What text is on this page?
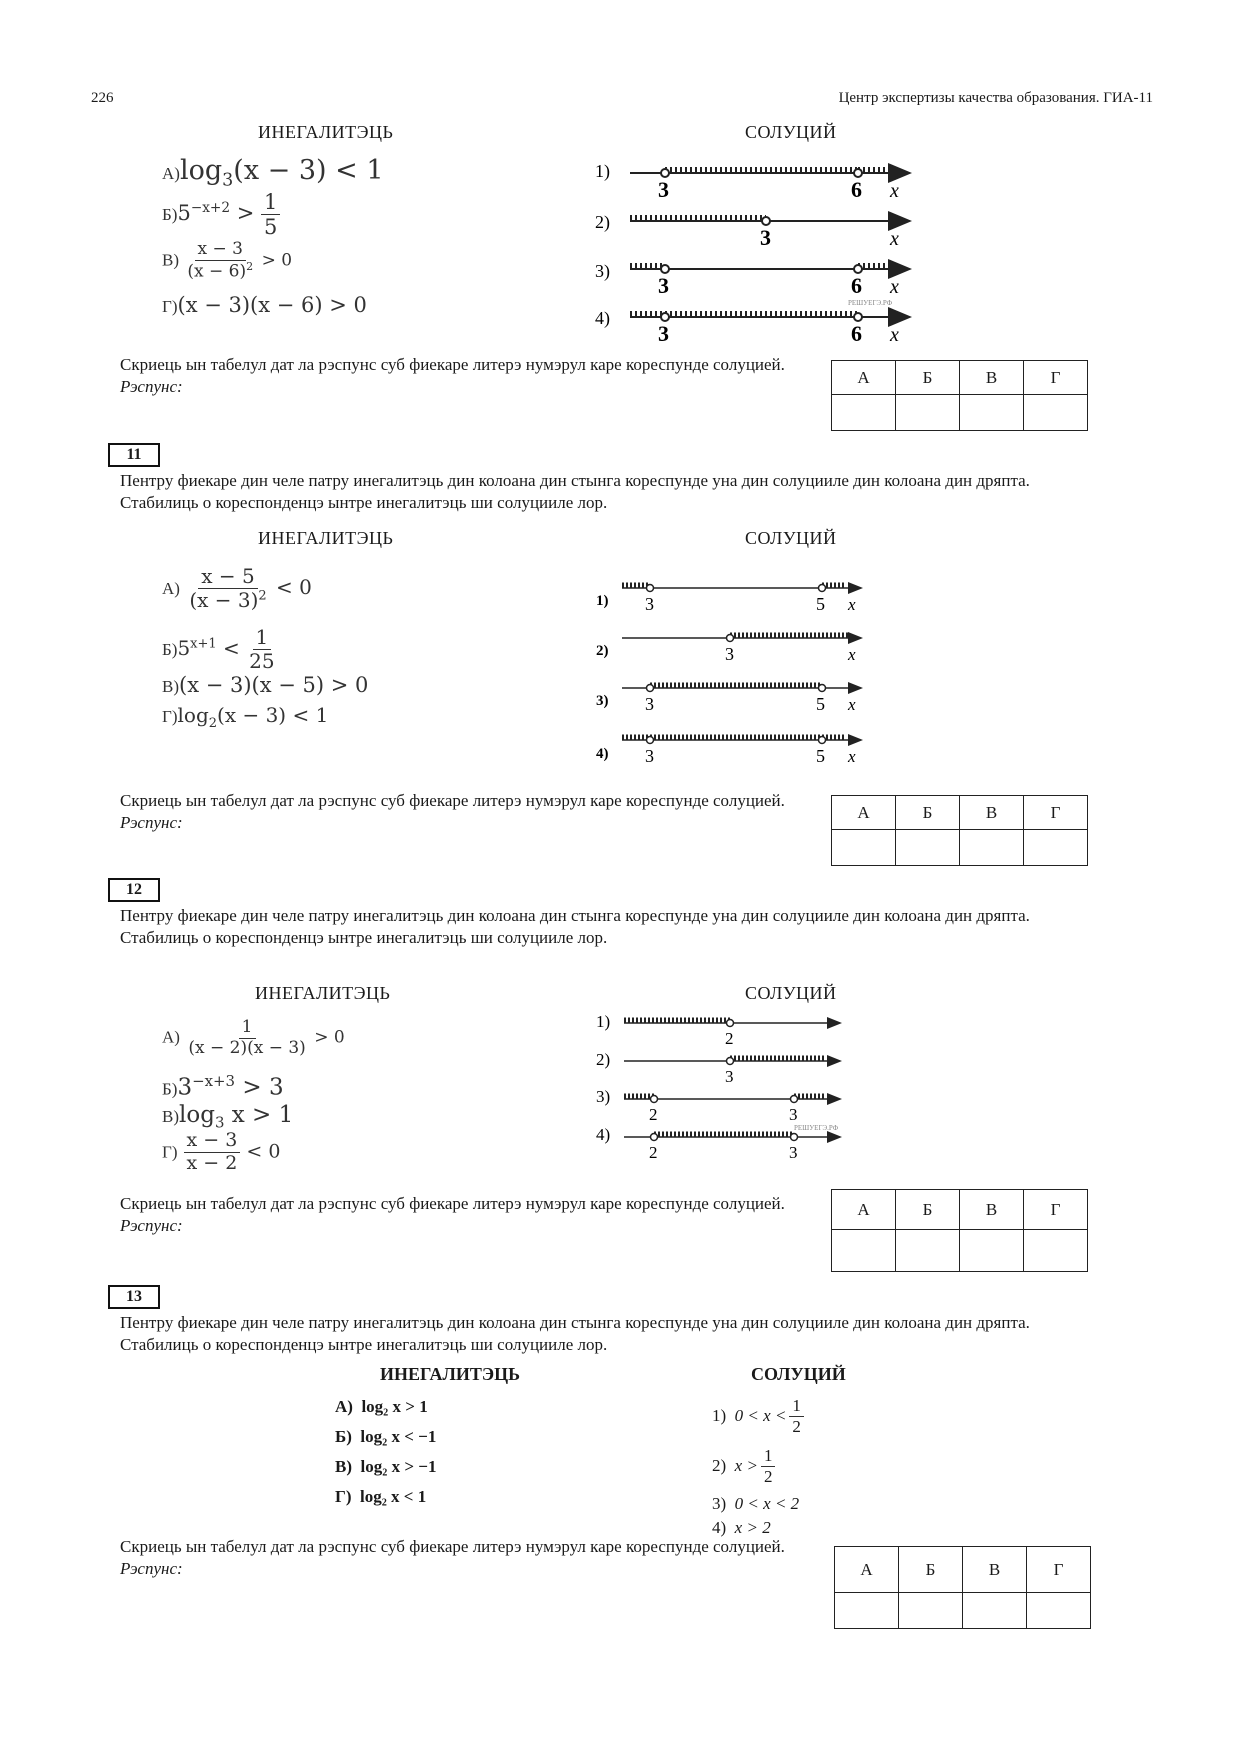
226	Центр экспертизы качества образования. ГИА-11
ИНЕГАЛИТЭЦЬ	СОЛУЦИЙ
$А)\log_3(x - 3) < 1$
$Б)5^{-x+2} > \frac{1}{5}$
$В) \frac{x - 3}{(x - 6)^2} > 0$
Г)(x − 3)(x − 6) > 0
1)
2)
3)
4)
3	6 x
3	x
3	6 x
РЕШУЕГЭ.РФ
3	6 x
Скриець ын табелул дат ла рэспунс суб фиекаре литерэ нумэрул каре кореспунде солуцией. Рэспунс:	А	Б	В	Г

11
Пентру фиекаре дин челе патру инегалитэць дин колоана дин стынга кореспунде уна дин солуцииле дин колоана дин дряпта. Стабилиць о кореспонденцэ ынтре инегалитэць ши солуцииле лор.
ИНЕГАЛИТЭЦЬ	СОЛУЦИЙ
$А) \frac{x - 5}{(x - 3)^2} < 0$
$Б)5^{x+1} < \frac{1}{25}$
В)(x − 3)(x − 5) > 0
$Г)\log_2(x - 3) < 1$
1)
2)
3)
4)
3	5 x
3	x
3	5 x
3	5 x
Скриець ын табелул дат ла рэспунс суб фиекаре литерэ нумэрул каре кореспунде солуцией. Рэспунс:
А	Б	В	Г

12
Пентру фиекаре дин челе патру инегалитэць дин колоана дин стынга кореспунде уна дин солуцииле дин колоана дин дряпта. Стабилиць о кореспонденцэ ынтре инегалитэць ши солуцииле лор.
ИНЕГАЛИТЭЦЬ	СОЛУЦИЙ
$А) \frac{1}{(x - 2)(x - 3)} > 0$
$Б)3^{-x+3} > 3$
$В)\log_3$ x > 1
$Г) \frac{x - 3}{x - 2} < 0$
1)
2)
3)
4)
2
3
2	3
РЕШУЕГЭ.РФ
2	3
Скриець ын табелул дат ла рэспунс суб фиекаре литерэ нумэрул каре кореспунде солуцией. Рэспунс:
А	Б	В	Г

13
Пентру фиекаре дин челе патру инегалитэць дин колоана дин стынга кореспунде уна дин солуцииле дин колоана дин дряпта. Стабилиць о кореспонденцэ ынтре инегалитэць ши солуцииле лор.
ИНЕГАЛИТЭЦЬ	СОЛУЦИЙ
А) log₂ x > 1
Б) log₂ x < −1
В) log₂ x > −1
Г) log₂ x < 1
1)
$0 < x < \frac{1}{2}$
2)
$x > \frac{1}{2}$
3) 0 < x < 2
4) x > 2
Скриець ын табелул дат ла рэспунс суб фиекаре литерэ нумэрул каре кореспунде солуцией. Рэспунс:	А	Б	В	Г
